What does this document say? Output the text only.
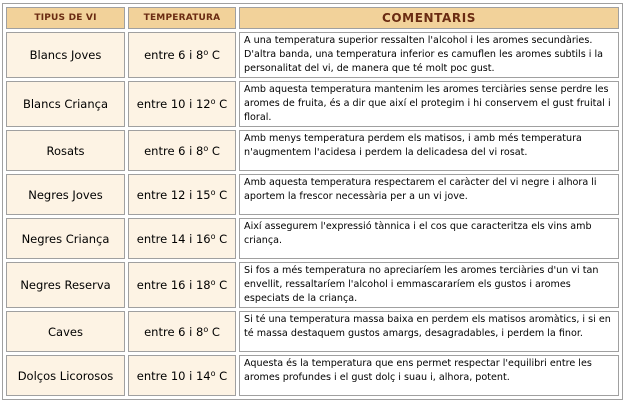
TIPUS DE VI	TEMPERATURA	COMENTARIS
Blancs Joves	entre 6 i 8$^o$ C	A una temperatura superior ressalten l'alcohol i les aromes secundàries. D'altra banda, una temperatura inferior es camuflen les aromes subtils i la personalitat del vi, de manera que té molt poc gust.
Blancs Criança	entre 10 i 12$^o$ C	Amb aquesta temperatura mantenim les aromes terciàries sense perdre les aromes de fruita, és a dir que així el protegim i hi conservem el gust fruital i floral.
Rosats	entre 6 i 8$^o$ C	Amb menys temperatura perdem els matisos, i amb més temperatura n'augmentem l'acidesa i perdem la delicadesa del vi rosat.
Negres Joves	entre 12 i 15$^o$ C	Amb aquesta temperatura respectarem el caràcter del vi negre i alhora li aportem la frescor necessària per a un vi jove.
Negres Criança	entre 14 i 16$^o$ C	Així assegurem l'expressió tànnica i el cos que caracteritza els vins amb criança.
Negres Reserva	entre 16 i 18$^o$ C	Si fos a més temperatura no apreciaríem les aromes terciàries d'un vi tan envellit, ressaltaríem l'alcohol i emmascararíem els gustos i aromes especiats de la criança.
Caves	entre 6 i 8$^o$ C	Si té una temperatura massa baixa en perdem els matisos aromàtics, i si en té massa destaquem gustos amargs, desagradables, i perdem la finor.
Dolços Licorosos	entre 10 i 14$^o$ C	Aquesta és la temperatura que ens permet respectar l'equilibri entre les aromes profundes i el gust dolç i suau i, alhora, potent.
